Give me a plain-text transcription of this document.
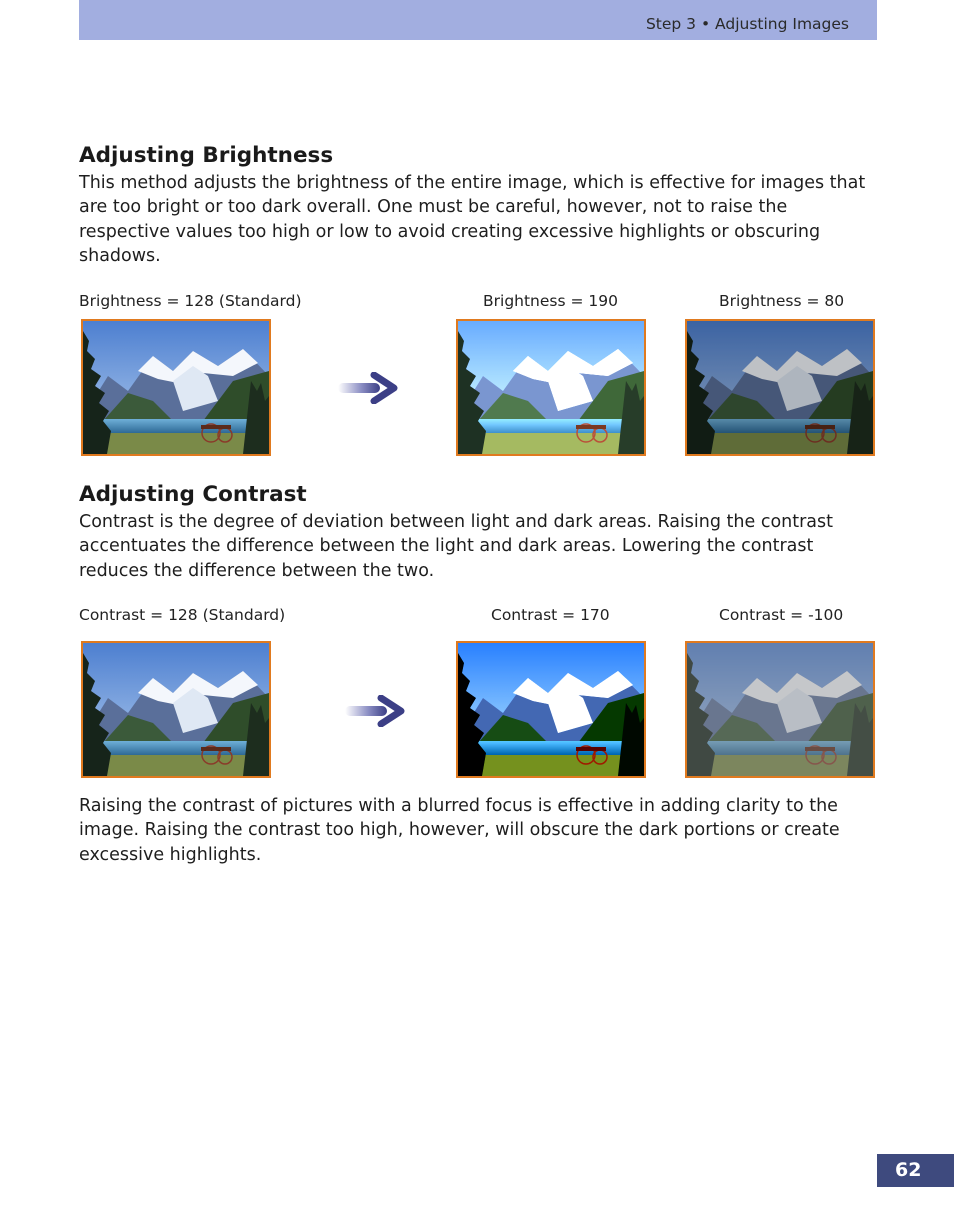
Step 3 • Adjusting Images
Adjusting Brightness

This method adjusts the brightness of the entire image, which is effective for images that are too bright or too dark overall. One must be careful, however, not to raise the respective values too high or low to avoid creating excessive highlights or obscuring shadows.

Brightness = 128 (Standard)	Brightness = 190	Brightness = 80
Adjusting Contrast

Contrast is the degree of deviation between light and dark areas. Raising the contrast accentuates the difference between the light and dark areas. Lowering the contrast reduces the difference between the two.

Contrast = 128 (Standard)	Contrast = 170	Contrast = -100

Raising the contrast of pictures with a blurred focus is effective in adding clarity to the image. Raising the contrast too high, however, will obscure the dark portions or create excessive highlights.

62
